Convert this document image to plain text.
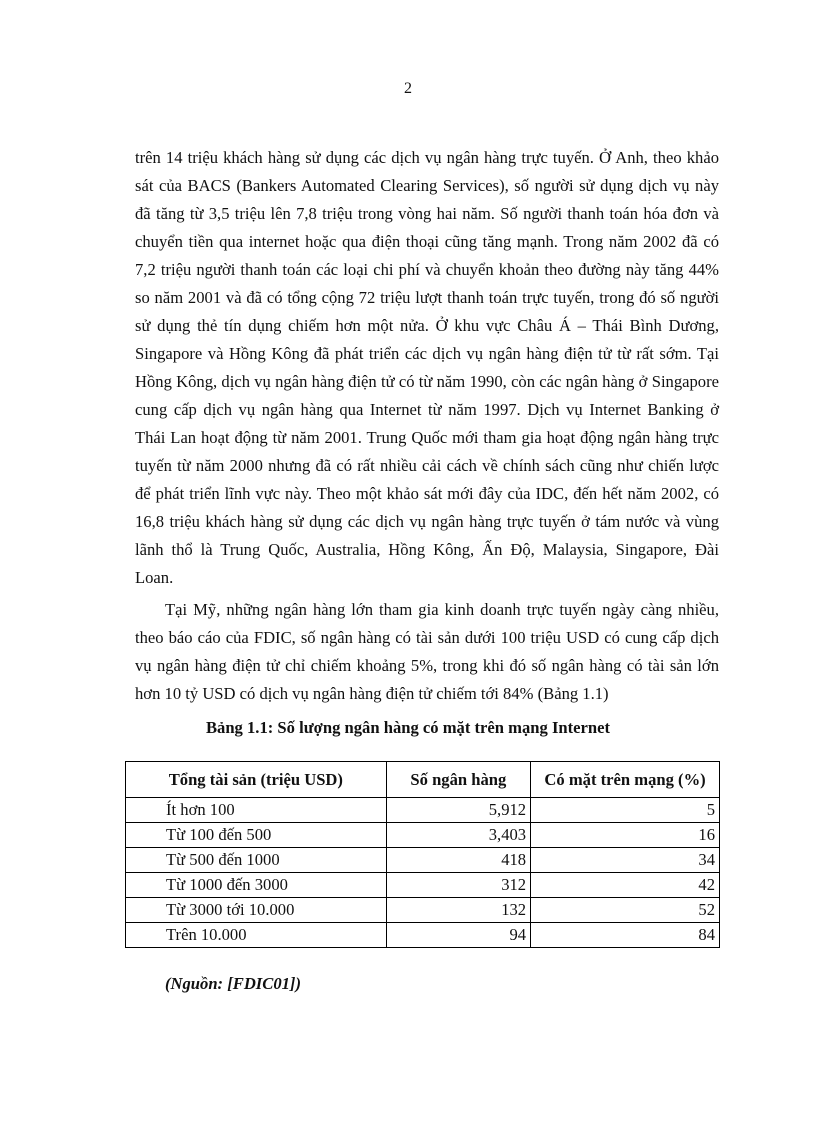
2
trên 14 triệu khách hàng sử dụng các dịch vụ ngân hàng trực tuyến. Ở Anh, theo khảo
sát của BACS (Bankers Automated Clearing Services), số người sử dụng dịch vụ này
đã tăng từ 3,5 triệu lên 7,8 triệu trong vòng hai năm. Số người thanh toán hóa đơn và
chuyển tiền qua internet hoặc qua điện thoại cũng tăng mạnh. Trong năm 2002 đã có
7,2 triệu người thanh toán các loại chi phí và chuyển khoản theo đường này tăng 44%
so năm 2001 và đã có tổng cộng 72 triệu lượt thanh toán trực tuyến, trong đó số người
sử dụng thẻ tín dụng chiếm hơn một nửa. Ở khu vực Châu Á – Thái Bình Dương,
Singapore và Hồng Kông đã phát triển các dịch vụ ngân hàng điện tử từ rất sớm. Tại
Hồng Kông, dịch vụ ngân hàng điện tử có từ năm 1990, còn các ngân hàng ở Singapore
cung cấp dịch vụ ngân hàng qua Internet từ năm 1997. Dịch vụ Internet Banking ở
Thái Lan hoạt động từ năm 2001. Trung Quốc mới tham gia hoạt động ngân hàng trực
tuyến từ năm 2000 nhưng đã có rất nhiều cải cách về chính sách cũng như chiến lược
để phát triển lĩnh vực này. Theo một khảo sát mới đây của IDC, đến hết năm 2002, có
16,8 triệu khách hàng sử dụng các dịch vụ ngân hàng trực tuyến ở tám nước và vùng
lãnh thổ là Trung Quốc, Australia, Hồng Kông, Ấn Độ, Malaysia, Singapore, Đài
Loan.
Tại Mỹ, những ngân hàng lớn tham gia kinh doanh trực tuyến ngày càng nhiều,
theo báo cáo của FDIC, số ngân hàng có tài sản dưới 100 triệu USD có cung cấp dịch
vụ ngân hàng điện tử chỉ chiếm khoảng 5%, trong khi đó số ngân hàng có tài sản lớn
hơn 10 tỷ USD có dịch vụ ngân hàng điện tử chiếm tới 84% (Bảng 1.1)
Bảng 1.1: Số lượng ngân hàng có mặt trên mạng Internet
Tổng tài sản (triệu USD)	Số ngân hàng	Có mặt trên mạng (%)
Ít hơn 100	5,912	5
Từ 100 đến 500	3,403	16
Từ 500 đến 1000	418	34
Từ 1000 đến 3000	312	42
Từ 3000 tới 10.000	132	52
Trên 10.000	94	84
(Nguồn: [FDIC01])
